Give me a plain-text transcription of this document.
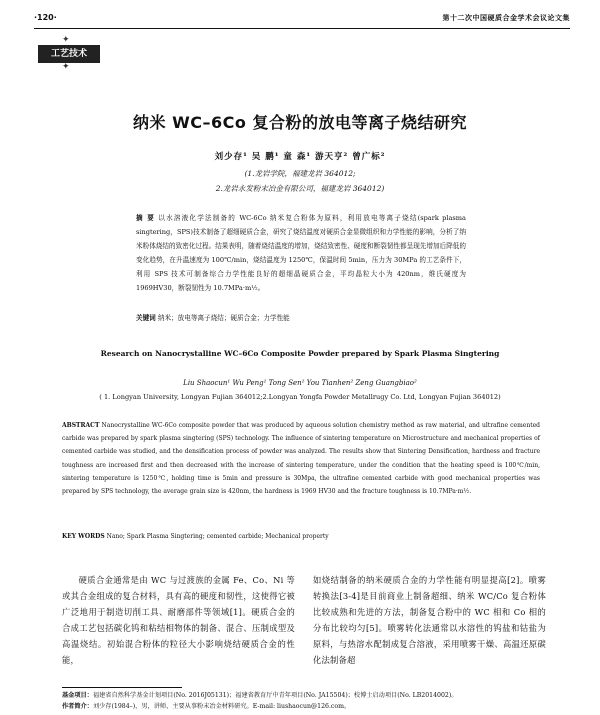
·120·	第十二次中国硬质合金学术会议论文集
✦
工艺技术
✦
纳米 WC–6Co 复合粉的放电等离子烧结研究
刘少存¹ 吴 鹏¹ 童 森¹ 游天亨² 曾广标²
(1.龙岩学院，福建龙岩 364012;
2.龙岩永发粉末冶金有限公司，福建龙岩 364012)
摘 要 以水溶液化学法制备的 WC-6Co 纳米复合粉体为原料，利用放电等离子烧结(spark plasma singtering，SPS)技术制备了超细硬质合金，研究了烧结温度对硬质合金显微组织和力学性能的影响，分析了纳米粉体烧结的致密化过程。结果表明，随着烧结温度的增加，烧结致密性、硬度和断裂韧性都呈现先增加后降低的变化趋势，在升温速度为 100℃/min，烧结温度为 1250℃，保温时间 5min，压力为 30MPa 的工艺条件下，利用 SPS 技术可制备综合力学性能良好的超细晶硬质合金，平均晶粒大小为 420nm，维氏硬度为 1969HV30，断裂韧性为 10.7MPa·m½。
关键词 纳米；放电等离子烧结；硬质合金；力学性能
Research on Nanocrystalline WC–6Co Composite Powder prepared by Spark Plasma Singtering
Liu Shaocun¹ Wu Peng¹ Tong Sen¹ You Tianhen² Zeng Guangbiao²
( 1. Longyan University, Longyan Fujian 364012;2.Longyan Yongfa Powder Metallrugy Co. Ltd, Longyan Fujian 364012)
ABSTRACT Nanocrystalline WC-6Co composite powder that was produced by aqueous solution chemistry method as raw material, and ultrafine cemented carbide was prepared by spark plasma singtering (SPS) technology. The influence of sintering temperature on Microstructure and mechanical properties of cemented carbide was studied, and the densification process of powder was analyzed. The results show that Sintering Densification, hardness and fracture toughness are increased first and then decreased with the increase of sintering temperature, under the condition that the heating speed is 100℃/min, sintering temperature is 1250℃, holding time is 5min and pressure is 30Mpa, the ultrafine cemented carbide with good mechanical properties was prepared by SPS technology, the average grain size is 420nm, the hardness is 1969 HV30 and the fracture toughness is 10.7MPa·m½.
KEY WORDS Nano; Spark Plasma Singtering; cemented carbide; Mechanical property
硬质合金通常是由 WC 与过渡族的金属 Fe、Co、Ni 等或其合金组成的复合材料，具有高的硬度和韧性，这使得它被广泛地用于制造切削工具、耐磨部件等领域[1]。硬质合金的合成工艺包括碳化钨和粘结相物体的制备、混合、压制成型及高温烧结。初始混合粉体的粒径大小影响烧结硬质合金的性能，
如烧结制备的纳米硬质合金的力学性能有明显提高[2]。喷雾转换法[3-4]是目前商业上制备超细、纳米 WC/Co 复合粉体比较成熟和先进的方法，制备复合粉中的 WC 相和 Co 相的分布比较均匀[5]。喷雾转化法通常以水溶性的钨盐和钴盐为原料，与热溶水配制成复合溶液，采用喷雾干燥、高温还原碳化法制备超
基金项目：福建省自然科学基金计划项目(No. 2016J05131)；福建省教育厅中青年项目(No. JA15504)；校博士启动项目(No. LB2014002)。
作者简介：刘少存(1984–)，男，讲师，主要从事粉末冶金材料研究。E-mail: liushaocun@126.com。
